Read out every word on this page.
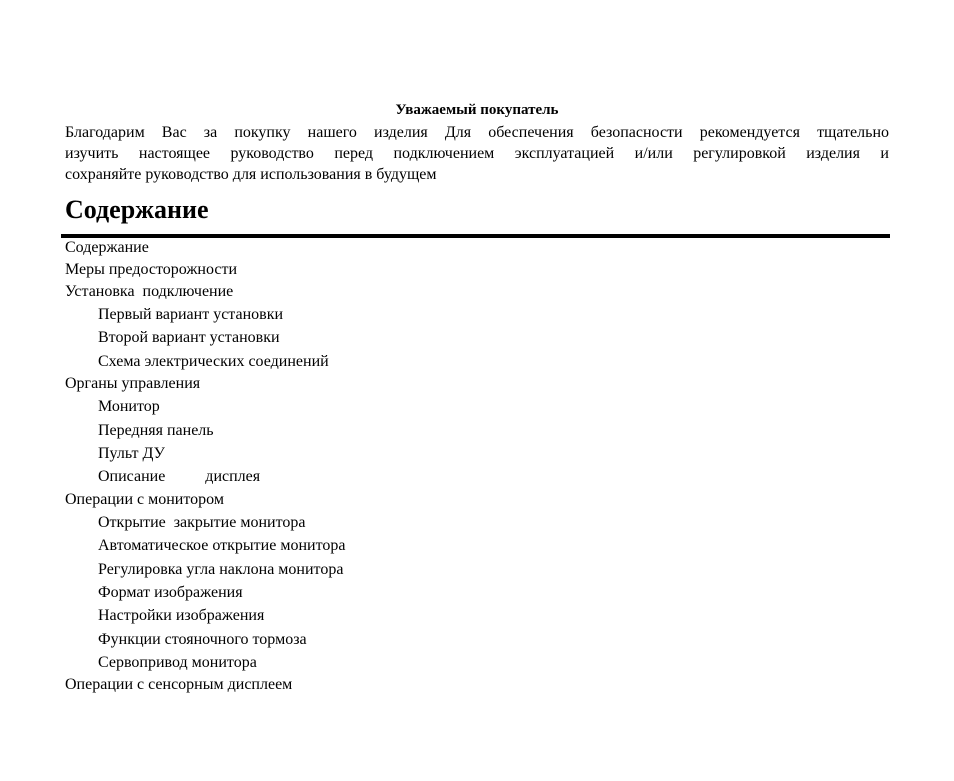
Уважаемый покупатель
Благодарим Вас за покупку нашего изделия Для обеспечения безопасности рекомендуется тщательно
изучить настоящее руководство перед подключением эксплуатацией и/или регулировкой изделия и
сохраняйте руководство для использования в будущем
Содержание
Содержание
Меры предосторожности
Установка  подключение
Первый вариант установки
Второй вариант установки
Схема электрических соединений
Органы управления
Монитор
Передняя панель
Пульт ДУ
Описание          дисплея
Операции с монитором
Открытие  закрытие монитора
Автоматическое открытие монитора
Регулировка угла наклона монитора
Формат изображения
Настройки изображения
Функции стояночного тормоза
Сервопривод монитора
Операции с сенсорным дисплеем
